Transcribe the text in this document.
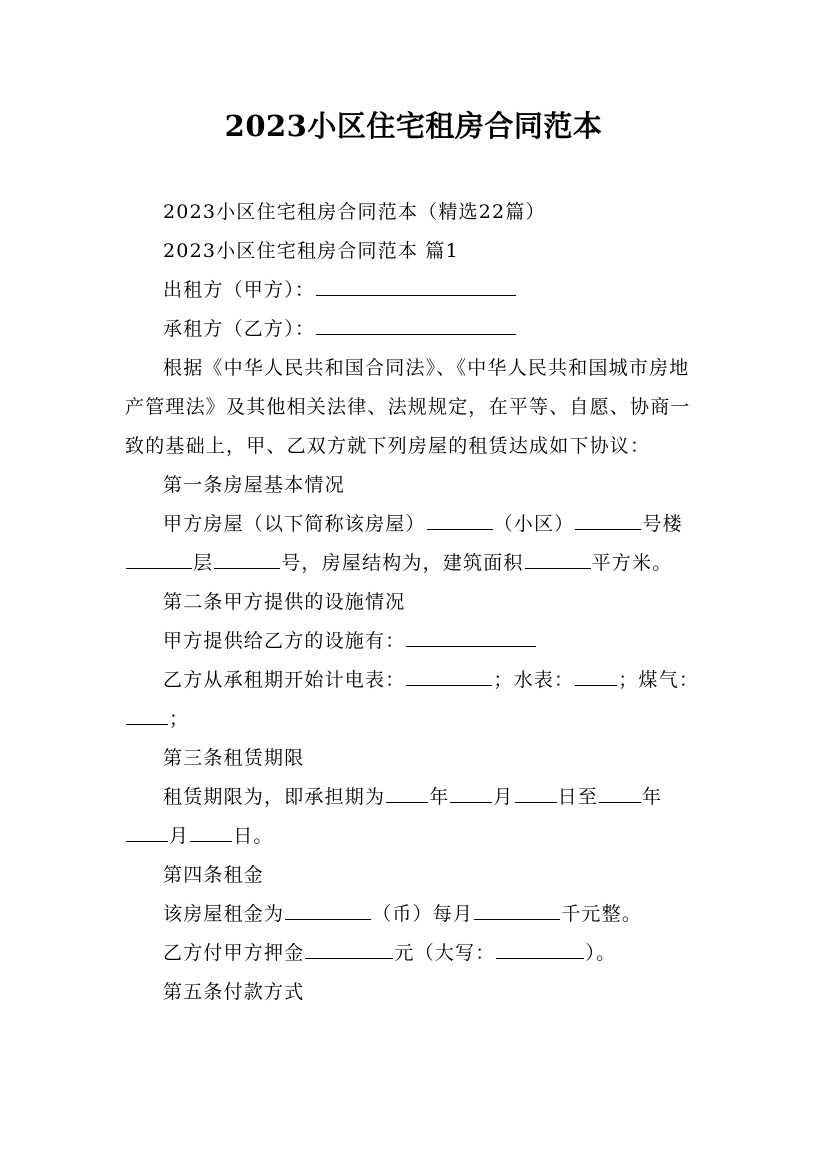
2023小区住宅租房合同范本

2023小区住宅租房合同范本（精选22篇）

2023小区住宅租房合同范本 篇1

出租方（甲方）：

承租方（乙方）：

根据《中华人民共和国合同法》、《中华人民共和国城市房地产管理法》及其他相关法律、法规规定，在平等、自愿、协商一致的基础上，甲、乙双方就下列房屋的租赁达成如下协议：

第一条房屋基本情况

甲方房屋（以下简称该房屋）	（小区）	号楼层	号，房屋结构为，建筑面积	平方米。

第二条甲方提供的设施情况

甲方提供给乙方的设施有：

乙方从承租期开始计电表：	；水表： ；煤气：；

第三条租赁期限

租赁期限为，即承担期为 年 月 日至 年月 日。

第四条租金

该房屋租金为	（币）每月	千元整。

乙方付甲方押金	元（大写：	）。

第五条付款方式
